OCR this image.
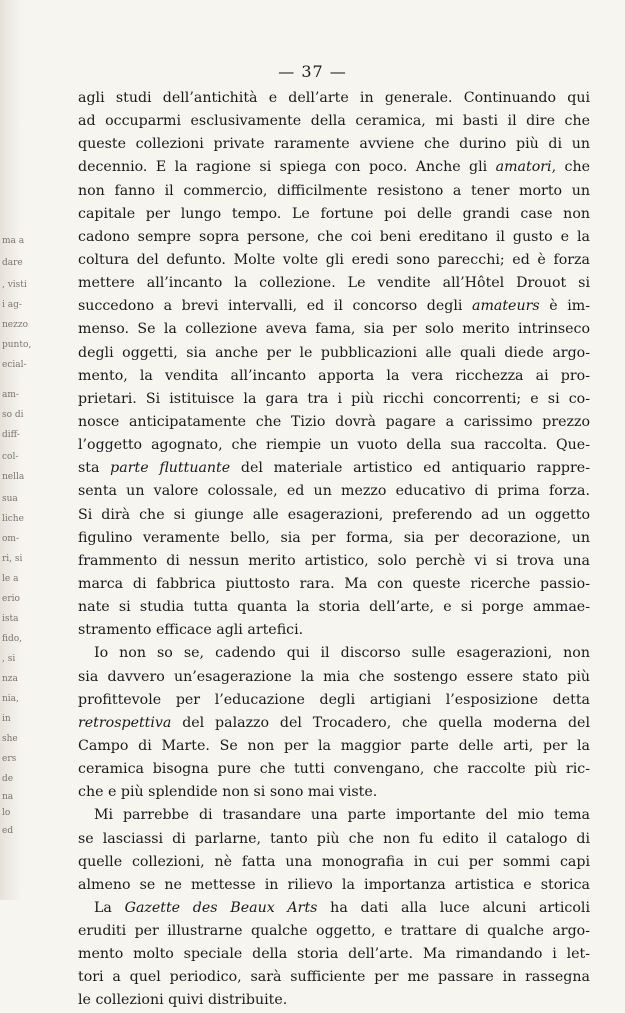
ma a
dare
, visti
i ag-
nezzo
punto,
ecial-
am-
so di
diff-
col-
nella
sua
liche
om-
ri, si
le a
erio
ista
fido,
, si
nza
nia,
in
she
ers
de
na
lo
ed
— 37 —
agli studi dell’antichità e dell’arte in generale. Continuando qui
ad occuparmi esclusivamente della ceramica, mi basti il dire che
queste collezioni private raramente avviene che durino più di un
decennio. E la ragione si spiega con poco. Anche gli amatori, che
non fanno il commercio, difficilmente resistono a tener morto un
capitale per lungo tempo. Le fortune poi delle grandi case non
cadono sempre sopra persone, che coi beni ereditano il gusto e la
coltura del defunto. Molte volte gli eredi sono parecchi; ed è forza
mettere all’incanto la collezione. Le vendite all’Hôtel Drouot si
succedono a brevi intervalli, ed il concorso degli amateurs è im-
menso. Se la collezione aveva fama, sia per solo merito intrinseco
degli oggetti, sia anche per le pubblicazioni alle quali diede argo-
mento, la vendita all’incanto apporta la vera ricchezza ai pro-
prietari. Si istituisce la gara tra i più ricchi concorrenti; e si co-
nosce anticipatamente che Tizio dovrà pagare a carissimo prezzo
l’oggetto agognato, che riempie un vuoto della sua raccolta. Que-
sta parte fluttuante del materiale artistico ed antiquario rappre-
senta un valore colossale, ed un mezzo educativo di prima forza.
Si dirà che si giunge alle esagerazioni, preferendo ad un oggetto
figulino veramente bello, sia per forma, sia per decorazione, un
frammento di nessun merito artistico, solo perchè vi si trova una
marca di fabbrica piuttosto rara. Ma con queste ricerche passio-
nate si studia tutta quanta la storia dell’arte, e si porge ammae-
stramento efficace agli artefici.
Io non so se, cadendo qui il discorso sulle esagerazioni, non
sia davvero un’esagerazione la mia che sostengo essere stato più
profittevole per l’educazione degli artigiani l’esposizione detta
retrospettiva del palazzo del Trocadero, che quella moderna del
Campo di Marte. Se non per la maggior parte delle arti, per la
ceramica bisogna pure che tutti convengano, che raccolte più ric-
che e più splendide non si sono mai viste.
Mi parrebbe di trasandare una parte importante del mio tema
se lasciassi di parlarne, tanto più che non fu edito il catalogo di
quelle collezioni, nè fatta una monografia in cui per sommi capi
almeno se ne mettesse in rilievo la importanza artistica e storica
La Gazette des Beaux Arts ha dati alla luce alcuni articoli
eruditi per illustrarne qualche oggetto, e trattare di qualche argo-
mento molto speciale della storia dell’arte. Ma rimandando i let-
tori a quel periodico, sarà sufficiente per me passare in rassegna
le collezioni quivi distribuite.
